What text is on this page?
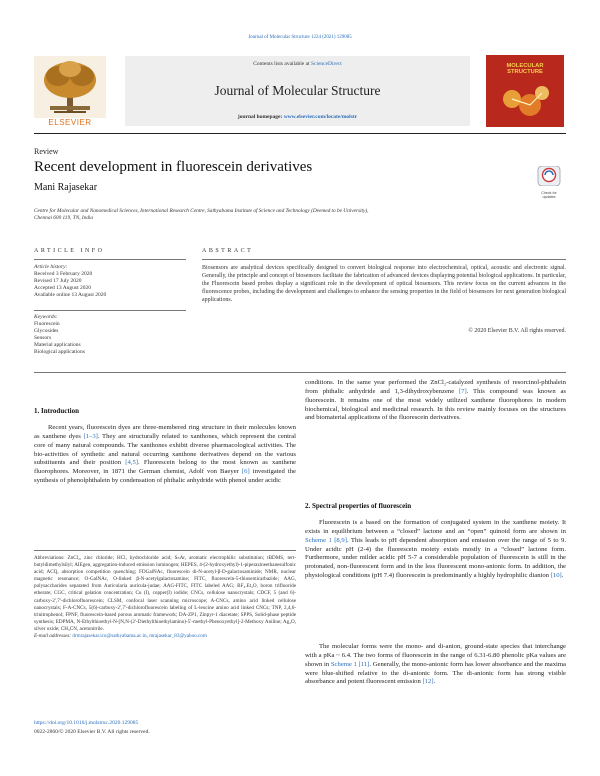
Journal of Molecular Structure 1224 (2021) 129085
ELSEVIER
Contents lists available at ScienceDirect
Journal of Molecular Structure
journal homepage: www.elsevier.com/locate/molstr
MOLECULAR STRUCTURE
Review
Recent development in fluorescein derivatives
Mani Rajasekar	Check for updates
Centre for Molecular and Nanomedical Sciences, International Research Centre, Sathyabama Institute of Science and Technology (Deemed to be University),
Chennai 600 119, TN, India
ARTICLE INFO	ABSTRACT
Article history:
Received 3 February 2020
Revised 17 July 2020
Accepted 13 August 2020
Available online 13 August 2020
Keywords:
Fluorescein
Glycosides
Sensors
Material applications
Biological applications
Biosensors are analytical devices specifically designed to convert biological response into electrochemical, optical, acoustic and electronic signal. Generally, the principle and concept of biosensors facilitate the fabrication of advanced devices displaying potential biological applications. In particular, the Fluorescein based probes display a significant role in the development of optical biosensors. This review focus on the current advances in the fluorescence probes, including the development and challenges to enhance the sensing properties in the field of biosensors for next generation biological applications.
© 2020 Elsevier B.V. All rights reserved.
1. Introduction
Recent years, fluorescein dyes are three-membered ring structure in their molecules known as xanthene dyes [1–3]. They are structurally related to xanthones, which represent the central core of many natural compounds. The xanthones exhibit diverse pharmacological activities. The bio-activities of synthetic and natural occurring xanthone derivatives depend on the various substituents and their position [4,5]. Fluorescein belong to the most known as xanthene fluorophores. Moreover, in 1871 the German chemist, Adolf von Baeyer [6] investigated the synthesis of phenolphthalein by condensation of phthalic anhydride with phenol under acidic
Abbreviations: ZnCl₂, zinc chloride; HCl, hydrochloride acid; SₙAr, aromatic electrophilic substitution; tBDMS, tert-butyldimethylsilyl; AIEgen, aggregation-induced emission luminogen; HEPES, 4-(2-hydroxyethyl)-1-piperazineethanesulfonic acid; ACQ, absorption competition quenching; FDGalNAc, fluorescein di-N-acetyl-β-D-galactosaminide; NMR, nuclear magnetic resonance; O-GalNAc, O-linked β-N-acetylgalactosamine; FITC, fluorescein-5-thiosemicarbazide; AAG, polysaccharides separated from Auricularia auricula-judae; AAG-FITC, FITC labeled AAG; BF₃.Et₂O, boron trifluoride etherate; CGC, critical gelation concentration; Cu (I), copper(I) iodide; CNCs, cellulose nanocrystals; CDCF, 5 (and 6)-carboxy-2′,7′-dichlorofluorescein; CLSM, confocal laser scanning microscope; A-CNCs, amino acid linked cellulose nanocrystals; F-A-CNCs, 5(6)-carboxy-2′,7′-dichlorofluorescein labeling of L-leucine amino acid linked CNCs; TNP, 2,4,6-trinitrophenol; FPNF, fluorescein-based porous aromatic framework; DA-ZP1, Zinpyr-1 diacetate; SPPS, Solid-phase peptide synthesis; EDPMA, N-Ethylthioethyl-N-[N,N-(2′-Diethylthioethylamino)-5′-methyl-Phenoxyethyl]-2-Methoxy Aniline; Ag₂O, silver oxide; CH₃CN, acetonitrile.
E-mail addresses: drmrajasekar.ico@sathyabama.ac.in, mrajasekar_83@yahoo.com
https://doi.org/10.1016/j.molstruc.2020.129085
0022-2860/© 2020 Elsevier B.V. All rights reserved.
conditions. In the same year performed the ZnCl₂-catalyzed synthesis of resorcinol-phthalein from phthalic anhydride and 1,3-dihydroxybenzene [7]. This compound was known as fluorescein. It remains one of the most widely utilized xanthene fluorophores in modern biochemical, biological and medicinal research. In this review mainly focuses on the structures and biomaterial applications of the fluorescein derivatives.
2. Spectral properties of fluorescein
Fluorescein is a based on the formation of conjugated system in the xanthene moiety. It exists in equilibrium between a “closed” lactone and an “open” quinoid form are shown in Scheme 1 [8,9]. This leads to pH dependent absorption and emission over the range of 5 to 9. Under acidic pH (2-4) the fluorescein moiety exists mostly in a “closed” lactone form. Furthermore, under milder acidic pH 5-7 a considerable population of fluorescein is still in the protonated, non-fluorescent form and in the less fluorescent mono-anionic form. In addition, the physiological conditions (pH 7.4) fluorescein is predominantly a highly hydrophilic dianion [10].
The molecular forms were the mono- and di-anion, ground-state species that interchange with a pKa ~ 6.4. The two forms of fluorescein in the range of 6.31-6.80 phenolic pKa values are shown in Scheme 1 [11]. Generally, the mono-anionic form has lower absorbance and the maxima were blue-shifted relative to the di-anionic form. The di-anionic form has strong visible absorbance and potent fluorescent emission [12].
